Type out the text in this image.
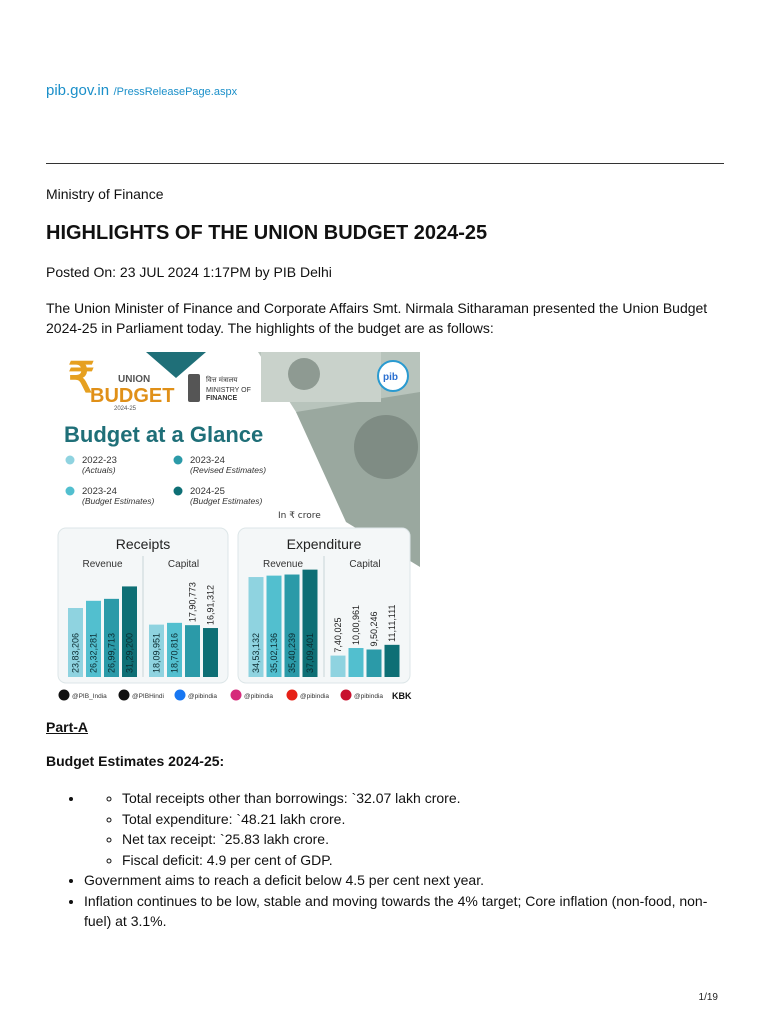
pib.gov.in /PressReleasePage.aspx
Ministry of Finance
HIGHLIGHTS OF THE UNION BUDGET 2024-25
Posted On: 23 JUL 2024 1:17PM by PIB Delhi
The Union Minister of Finance and Corporate Affairs Smt. Nirmala Sitharaman presented the Union Budget 2024-25 in Parliament today. The highlights of the budget are as follows:
₹ UNION
BUDGET
2024-25
वित्त मंत्रालय
MINISTRY OF
FINANCE
pib
Budget at a Glance
2022-23
(Actuals)
2023-24
(Revised Estimates)
2023-24
(Budget Estimates)
2024-25
(Budget Estimates)
In ₹ crore
Receipts
Revenue
23,83,206 26,32,281 26,99,713 31,29,200
Capital
18,09,951 18,70,816
17,90,773 16,91,312
Expenditure
Revenue
34,53,132 35,02,136 35,40,239 37,09,401
Capital
7,40,025 10,00,961 9,50,246 11,11,111
@PIB_India	@PIBHindi	@pibindia	@pibindia	@pibindia	@pibindia KBK
Part-A
Budget Estimates 2024-25:
◦ • Total receipts other than borrowings: `32.07 lakh crore.
◦ Total expenditure: `48.21 lakh crore.
◦ Net tax receipt: `25.83 lakh crore.
◦ Fiscal deficit: 4.9 per cent of GDP.
• Government aims to reach a deficit below 4.5 per cent next year.
• Inflation continues to be low, stable and moving towards the 4% target; Core inflation (non-food, non-fuel) at 3.1%.
1/19
